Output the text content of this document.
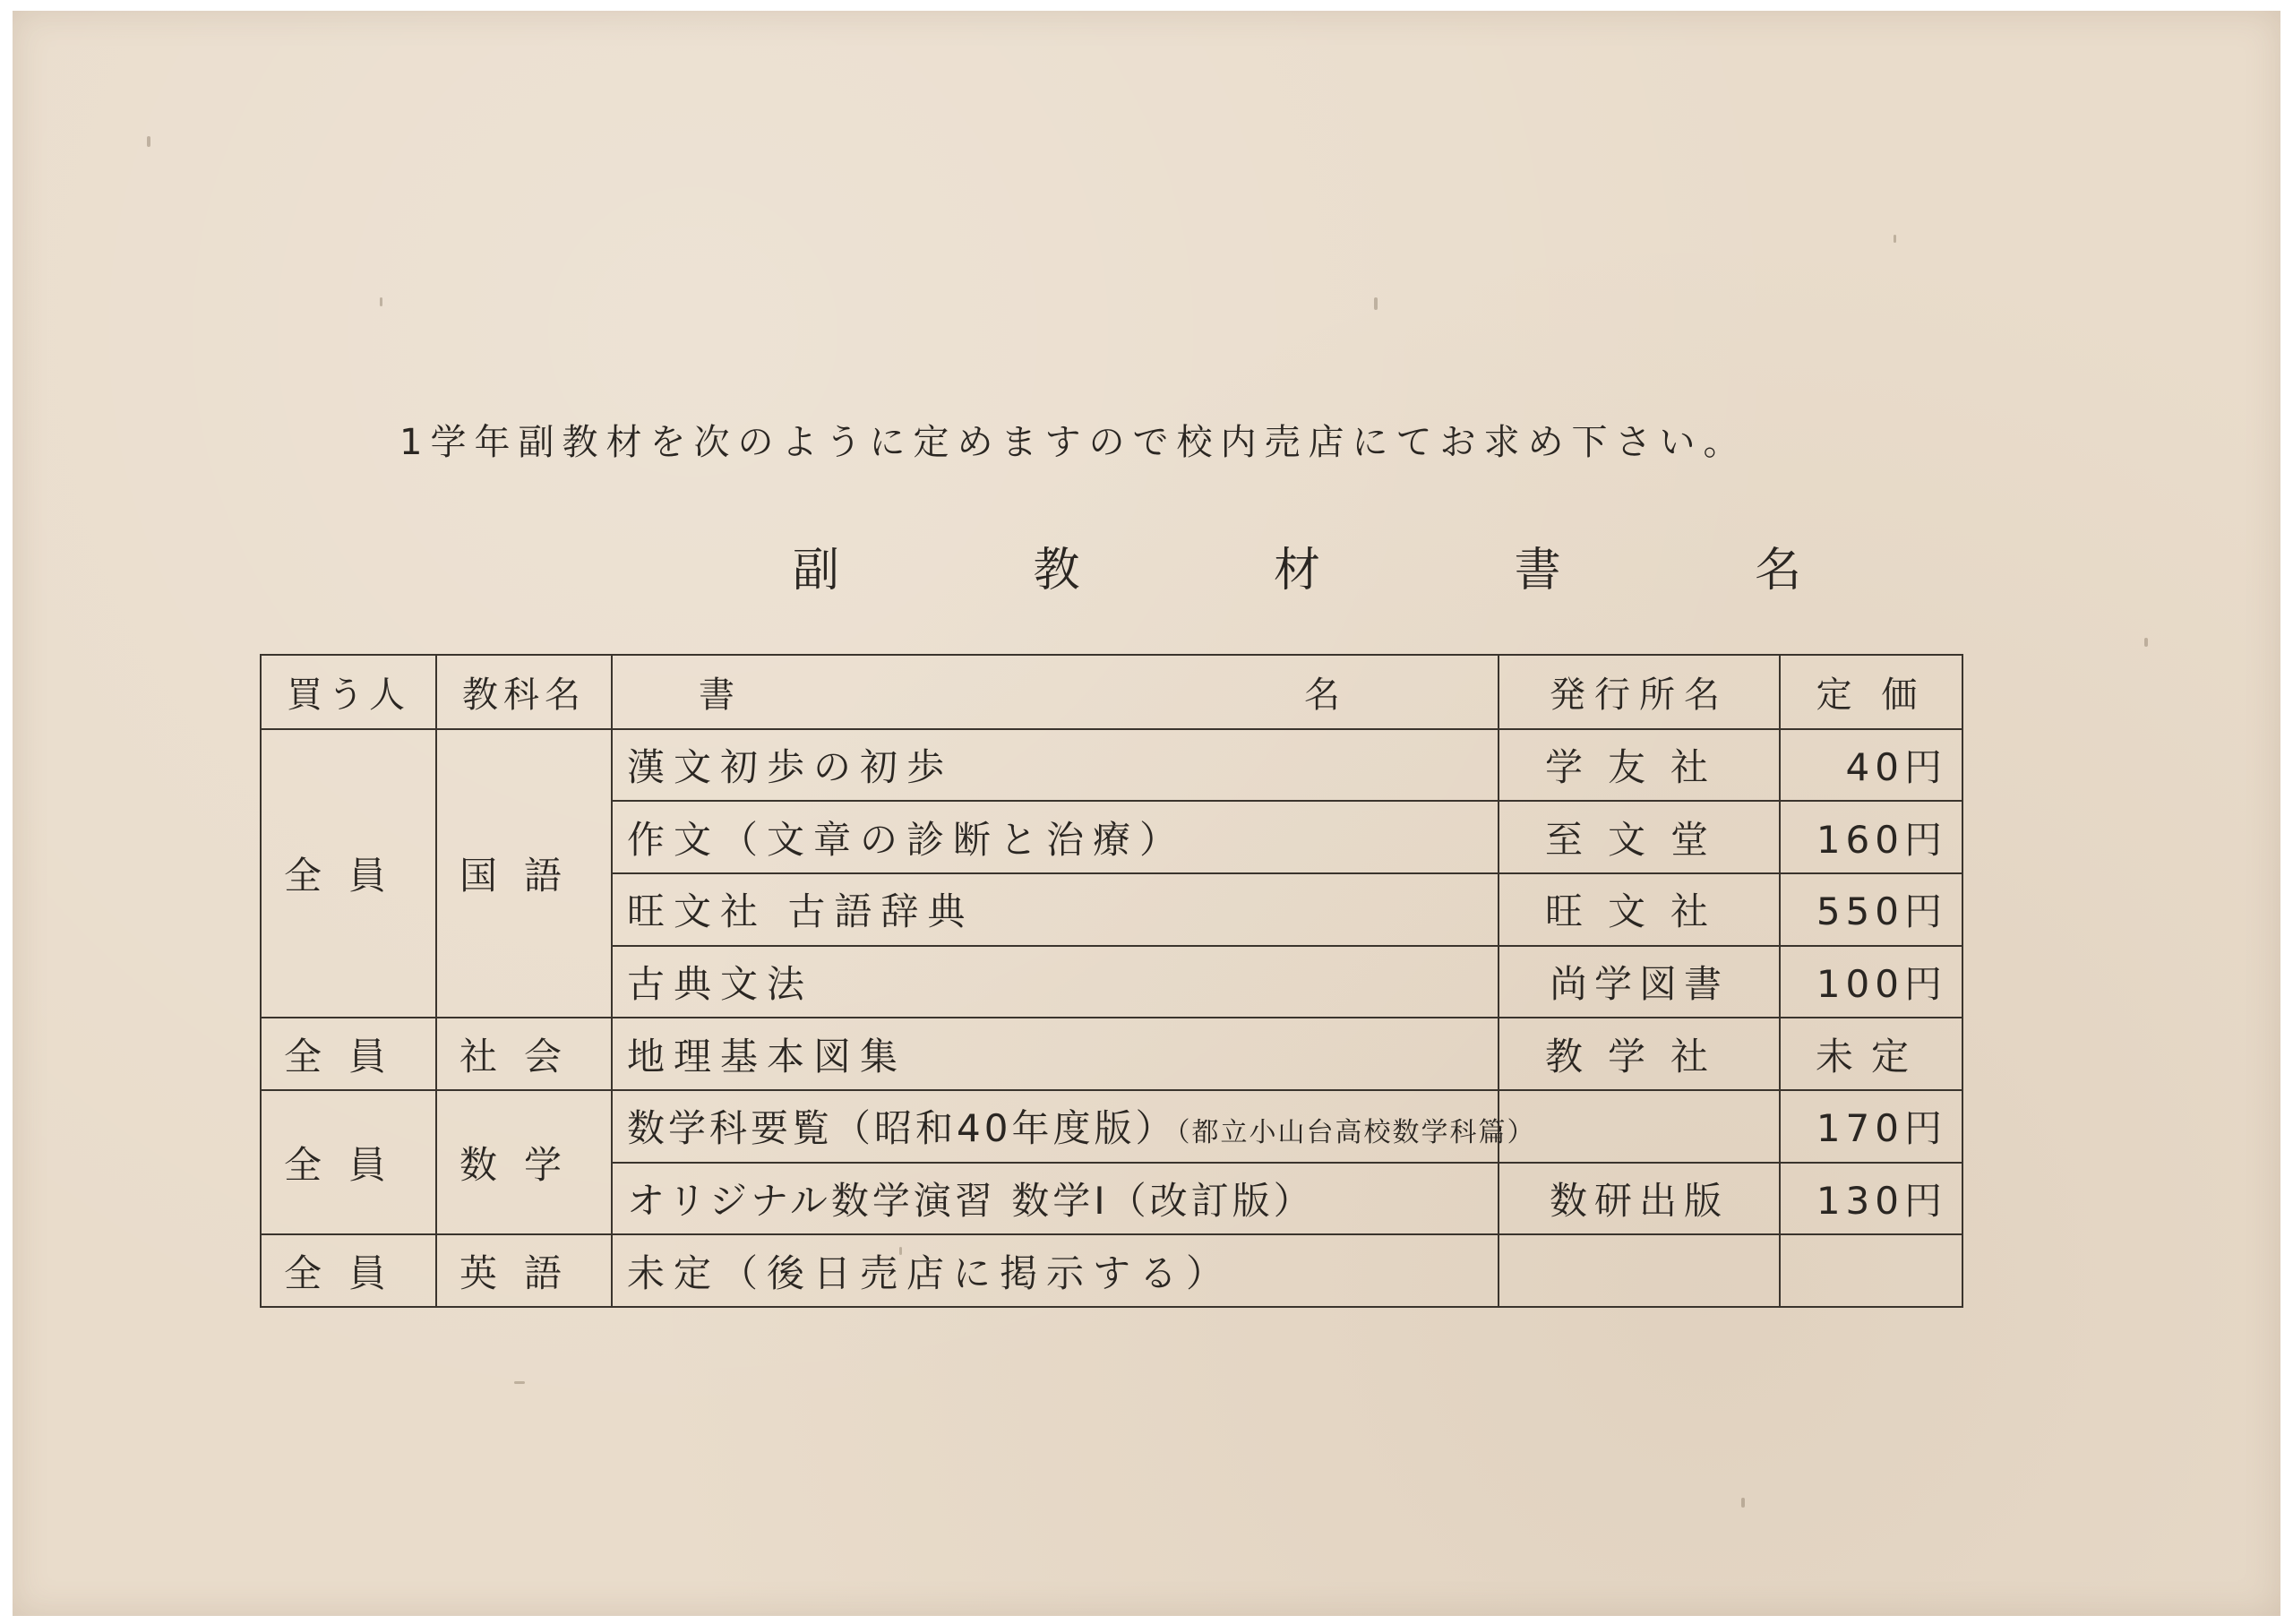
1学年副教材を次のように定めますので校内売店にてお求め下さい。
副 教 材 書 名
買う人	教科名	書 名	発行所名	定 価
全員	国語	漢文初歩の初歩	学友社	40円
		作文（文章の診断と治療）	至文堂	160円
		旺文社 古語辞典	旺文社	550円
		古典文法	尚学図書	100円
全員	社会	地理基本図集	教学社	未定
全員	数学	数学科要覧（昭和40年度版）（都立小山台高校数学科篇）		170円
		オリジナル数学演習 数学Ⅰ（改訂版）	数研出版	130円
全員	英語	未定（後日売店に掲示する）		
